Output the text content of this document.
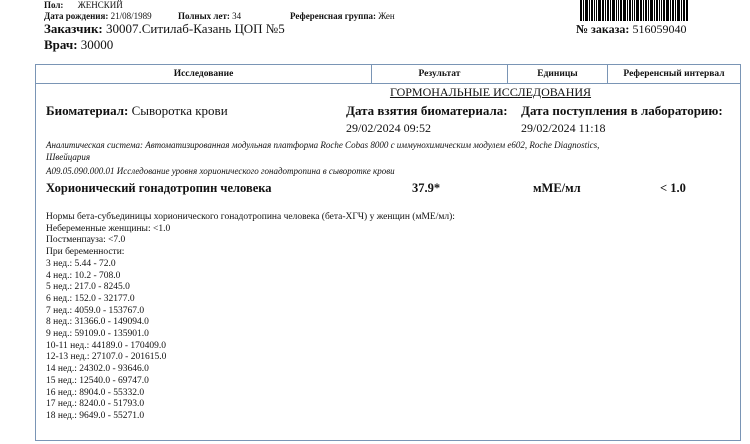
Пол: ЖЕНСКИЙ
Дата рождения: 21/08/1989	Полных лет: 34	Референсная группа: Жен
Заказчик: 30007.Ситилаб-Казань ЦОП №5
Врач: 30000
№ заказа: 516059040
Исследование	Результат	Единицы	Референсный интервал
ГОРМОНАЛЬНЫЕ ИССЛЕДОВАНИЯ
Биоматериал: Сыворотка крови	Дата взятия биоматериала:
29/02/2024 09:52
Дата поступления в лабораторию:
29/02/2024 11:18
Аналитическая система: Автоматизированная модульная платформа Roche Cobas 8000 с иммунохимическим модулем e602, Roche Diagnostics,
Швейцария
A09.05.090.000.01 Исследование уровня хорионического гонадотропина в сыворотке крови
Хорионический гонадотропин человека	37.9*	мМЕ/мл	< 1.0
Нормы бета-субъединицы хорионического гонадотропина человека (бета-ХГЧ) у женщин (мМЕ/мл):
Небеременные женщины: <1.0
Постменпауза: <7.0
При беременности:
3 нед.: 5.44 - 72.0
4 нед.: 10.2 - 708.0
5 нед.: 217.0 - 8245.0
6 нед.: 152.0 - 32177.0
7 нед.: 4059.0 - 153767.0
8 нед.: 31366.0 - 149094.0
9 нед.: 59109.0 - 135901.0
10-11 нед.: 44189.0 - 170409.0
12-13 нед.: 27107.0 - 201615.0
14 нед.: 24302.0 - 93646.0
15 нед.: 12540.0 - 69747.0
16 нед.: 8904.0 - 55332.0
17 нед.: 8240.0 - 51793.0
18 нед.: 9649.0 - 55271.0
